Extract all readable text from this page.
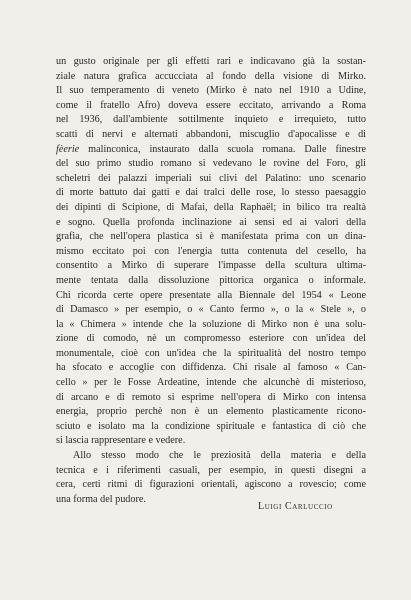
un gusto originale per gli effetti rari e indicavano già la sostan-
ziale natura grafica accucciata al fondo della visione di Mirko.
Il suo temperamento di veneto (Mirko è nato nel 1910 a Udine,
come il fratello Afro) doveva essere eccitato, arrivando a Roma
nel 1936, dall'ambiente sottilmente inquieto e irrequieto, tutto
scatti di nervi e alternati abbandoni, miscuglio d'apocalisse e di
fèerie malinconica, instaurato dalla scuola romana. Dalle finestre
del suo primo studio romano si vedevano le rovine del Foro, gli
scheletri dei palazzi imperiali sui clivi del Palatino: uno scenario
di morte battuto dai gatti e dai tralci delle rose, lo stesso paesaggio
dei dipinti di Scipione, di Mafai, della Raphaël; in bilico tra realtà
e sogno. Quella profonda inclinazione ai sensi ed ai valori della
grafia, che nell'opera plastica si è manifestata prima con un dina-
mismo eccitato poi con l'energia tutta contenuta del cesello, ha
consentito a Mirko di superare l'impasse della scultura ultima-
mente tentata dalla dissoluzione pittorica organica o informale.
Chi ricorda certe opere presentate alla Biennale del 1954 « Leone
di Damasco » per esempio, o « Canto fermo », o la « Stele », o
la « Chimera » intende che la soluzione di Mirko non è una solu-
zione di comodo, nè un compromesso esteriore con un'idea del
monumentale, cioè con un'idea che la spiritualità del nostro tempo
ha sfocato e accoglie con diffidenza. Chi risale al famoso « Can-
cello » per le Fosse Ardeatine, intende che alcunchè di misterioso,
di arcano e di remoto si esprime nell'opera di Mirko con intensa
energia, proprio perchè non è un elemento plasticamente ricono-
sciuto e isolato ma la condizione spirituale e fantastica di ciò che
si lascia rappresentare e vedere.
Allo stesso modo che le preziosità della materia e della
tecnica e i riferimenti casuali, per esempio, in questi disegni a
cera, certi ritmi di figurazioni orientali, agiscono a rovescio; come
una forma del pudore.
Luigi Carluccio
